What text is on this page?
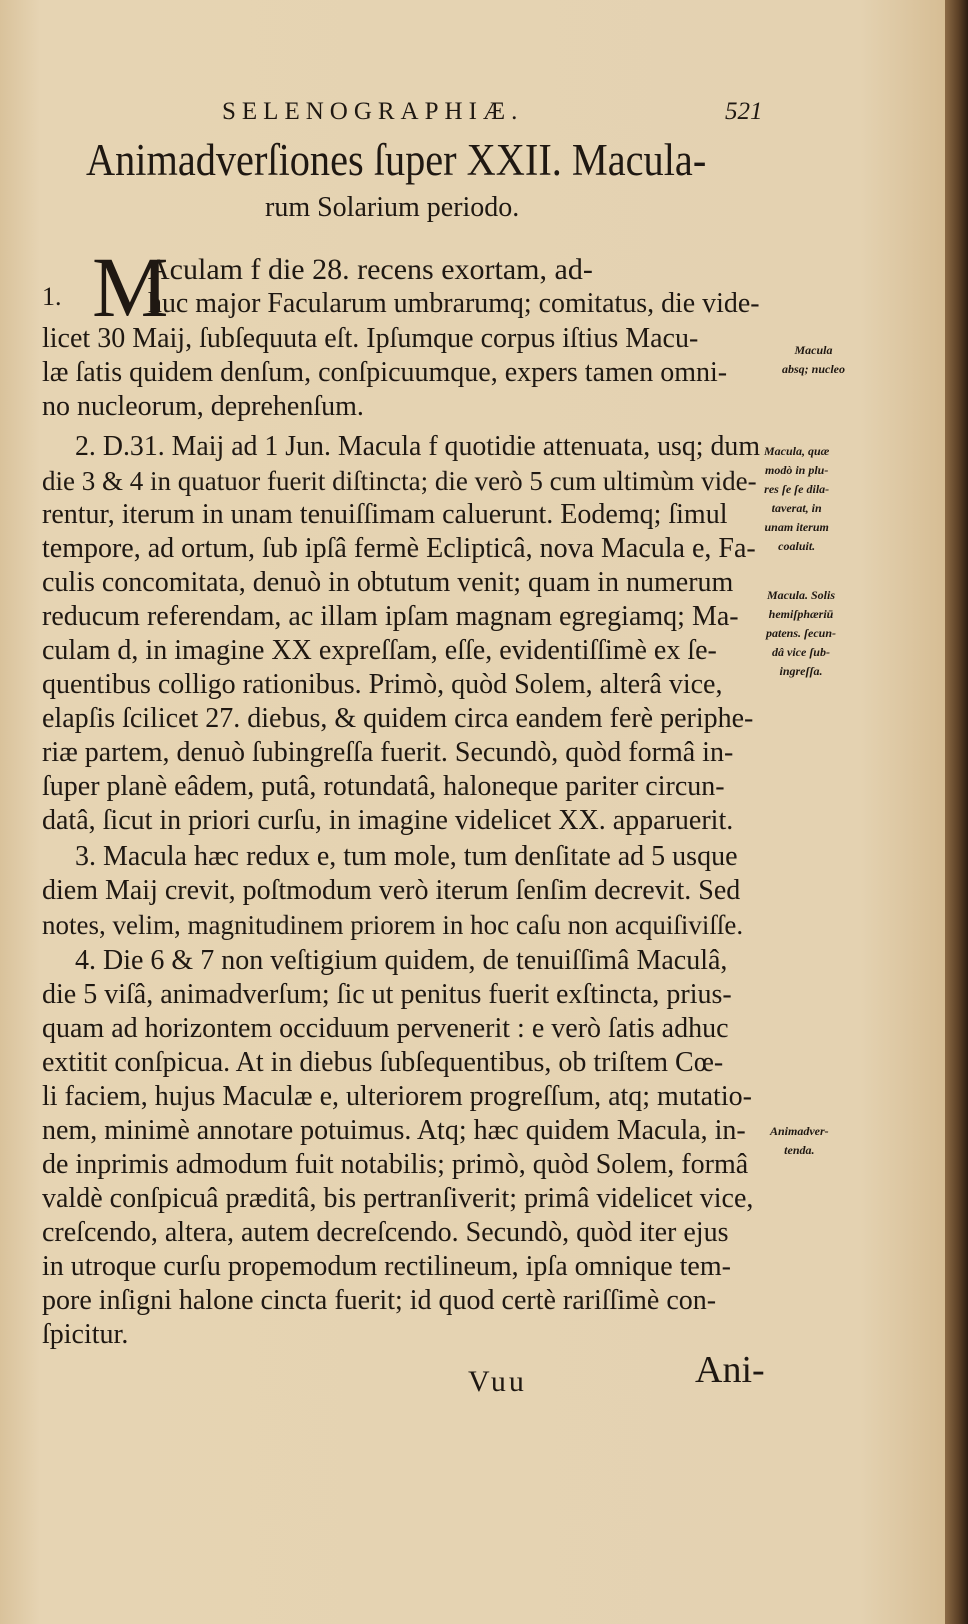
SELENOGRAPHIÆ.	521
Animadverſiones ſuper XXII. Macula-
rum Solarium periodo.
1. M
Aculam f die 28. recens exortam, ad-
huc major Facularum umbrarumq; comitatus, die vide-
licet 30 Maij, ſubſequuta eſt. Ipſumque corpus iſtius Macu-
læ ſatis quidem denſum, conſpicuumque, expers tamen omni-
no nucleorum, deprehenſum.
2. D.31. Maij ad 1 Jun. Macula f quotidie attenuata, usq; dum
die 3 & 4 in quatuor fuerit diſtincta; die verò 5 cum ultimùm vide-
rentur, iterum in unam tenuiſſimam caluerunt. Eodemq; ſimul
tempore, ad ortum, ſub ipſâ fermè Eclipticâ, nova Macula e, Fa-
culis concomitata, denuò in obtutum venit; quam in numerum
reducum referendam, ac illam ipſam magnam egregiamq; Ma-
culam d, in imagine XX expreſſam, eſſe, evidentiſſimè ex ſe-
quentibus colligo rationibus. Primò, quòd Solem, alterâ vice,
elapſis ſcilicet 27. diebus, & quidem circa eandem ferè periphe-
riæ partem, denuò ſubingreſſa fuerit. Secundò, quòd formâ in-
ſuper planè eâdem, putâ, rotundatâ, haloneque pariter circun-
datâ, ſicut in priori curſu, in imagine videlicet XX. apparuerit.
3. Macula hæc redux e, tum mole, tum denſitate ad 5 usque
diem Maij crevit, poſtmodum verò iterum ſenſim decrevit. Sed
notes, velim, magnitudinem priorem in hoc caſu non acquiſiviſſe.
4. Die 6 & 7 non veſtigium quidem, de tenuiſſimâ Maculâ,
die 5 viſâ, animadverſum; ſic ut penitus fuerit exſtincta, prius-
quam ad horizontem occiduum pervenerit : e verò ſatis adhuc
extitit conſpicua. At in diebus ſubſequentibus, ob triſtem Cœ-
li faciem, hujus Maculæ e, ulteriorem progreſſum, atq; mutatio-
nem, minimè annotare potuimus. Atq; hæc quidem Macula, in-
de inprimis admodum fuit notabilis; primò, quòd Solem, formâ
valdè conſpicuâ præditâ, bis pertranſiverit; primâ videlicet vice,
creſcendo, altera, autem decreſcendo. Secundò, quòd iter ejus
in utroque curſu propemodum rectilineum, ipſa omnique tem-
pore inſigni halone cincta fuerit; id quod certè rariſſimè con-
ſpicitur.
Macula
absq; nucleo
Macula, quæ
modò in plu-
res ſe ſe dila-
taverat, in
unam iterum
coaluit.
Macula. Solis
hemiſphæriū
patens. ſecun-
dâ vice ſub-
ingreſſa.
Animadver-
tenda.
Vuu	Ani-
